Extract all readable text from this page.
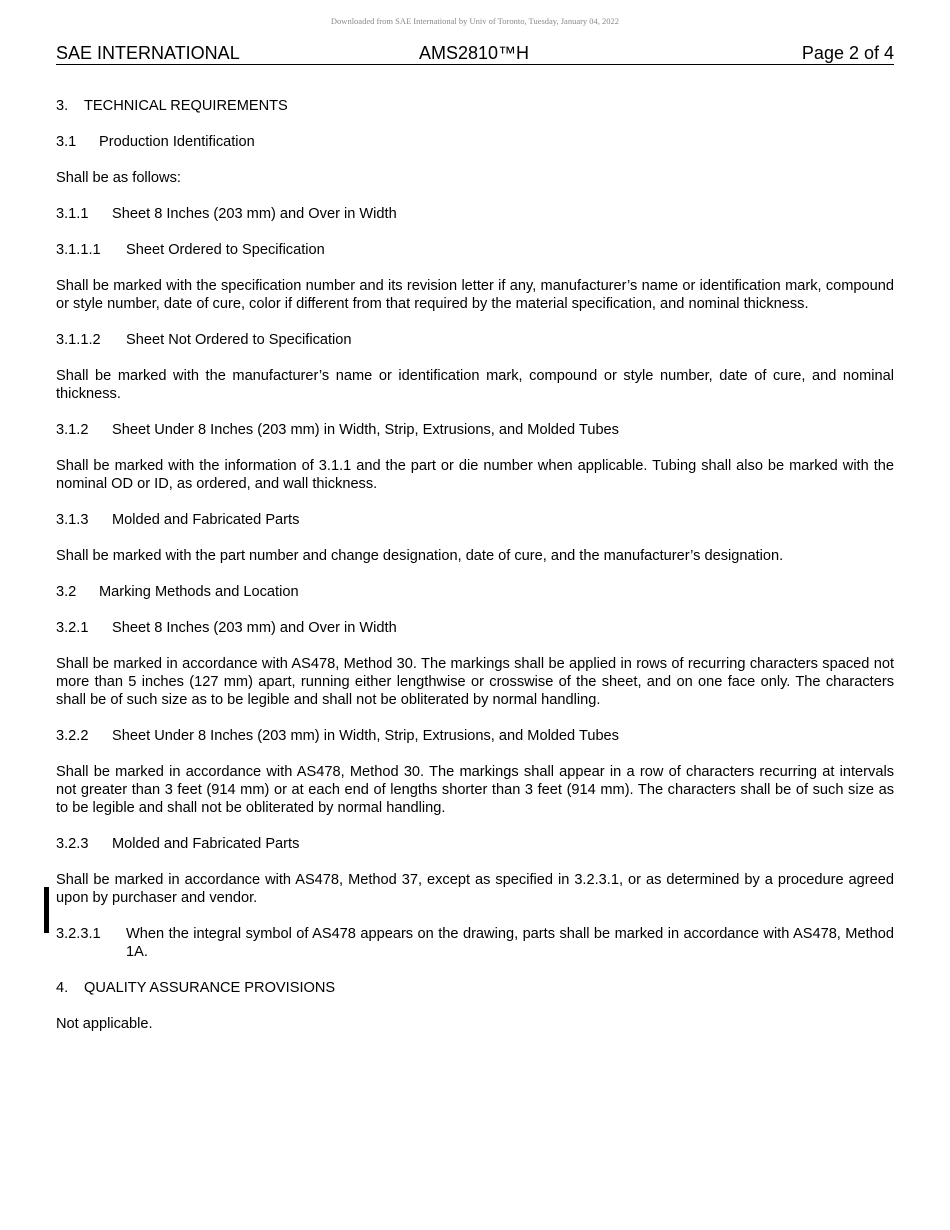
Downloaded from SAE International by Univ of Toronto, Tuesday, January 04, 2022
SAE INTERNATIONAL	AMS2810™H	Page 2 of 4
3. TECHNICAL REQUIREMENTS
3.1 Production Identification
Shall be as follows:
3.1.1 Sheet 8 Inches (203 mm) and Over in Width
3.1.1.1 Sheet Ordered to Specification
Shall be marked with the specification number and its revision letter if any, manufacturer’s name or identification mark, compound or style number, date of cure, color if different from that required by the material specification, and nominal thickness.
3.1.1.2 Sheet Not Ordered to Specification
Shall be marked with the manufacturer’s name or identification mark, compound or style number, date of cure, and nominal thickness.
3.1.2 Sheet Under 8 Inches (203 mm) in Width, Strip, Extrusions, and Molded Tubes
Shall be marked with the information of 3.1.1 and the part or die number when applicable. Tubing shall also be marked with the nominal OD or ID, as ordered, and wall thickness.
3.1.3 Molded and Fabricated Parts
Shall be marked with the part number and change designation, date of cure, and the manufacturer’s designation.
3.2 Marking Methods and Location
3.2.1 Sheet 8 Inches (203 mm) and Over in Width
Shall be marked in accordance with AS478, Method 30. The markings shall be applied in rows of recurring characters spaced not more than 5 inches (127 mm) apart, running either lengthwise or crosswise of the sheet, and on one face only. The characters shall be of such size as to be legible and shall not be obliterated by normal handling.
3.2.2 Sheet Under 8 Inches (203 mm) in Width, Strip, Extrusions, and Molded Tubes
Shall be marked in accordance with AS478, Method 30. The markings shall appear in a row of characters recurring at intervals not greater than 3 feet (914 mm) or at each end of lengths shorter than 3 feet (914 mm). The characters shall be of such size as to be legible and shall not be obliterated by normal handling.
3.2.3 Molded and Fabricated Parts
Shall be marked in accordance with AS478, Method 37, except as specified in 3.2.3.1, or as determined by a procedure agreed upon by purchaser and vendor.
3.2.3.1 When the integral symbol of AS478 appears on the drawing, parts shall be marked in accordance with AS478, Method 1A.
4. QUALITY ASSURANCE PROVISIONS
Not applicable.
